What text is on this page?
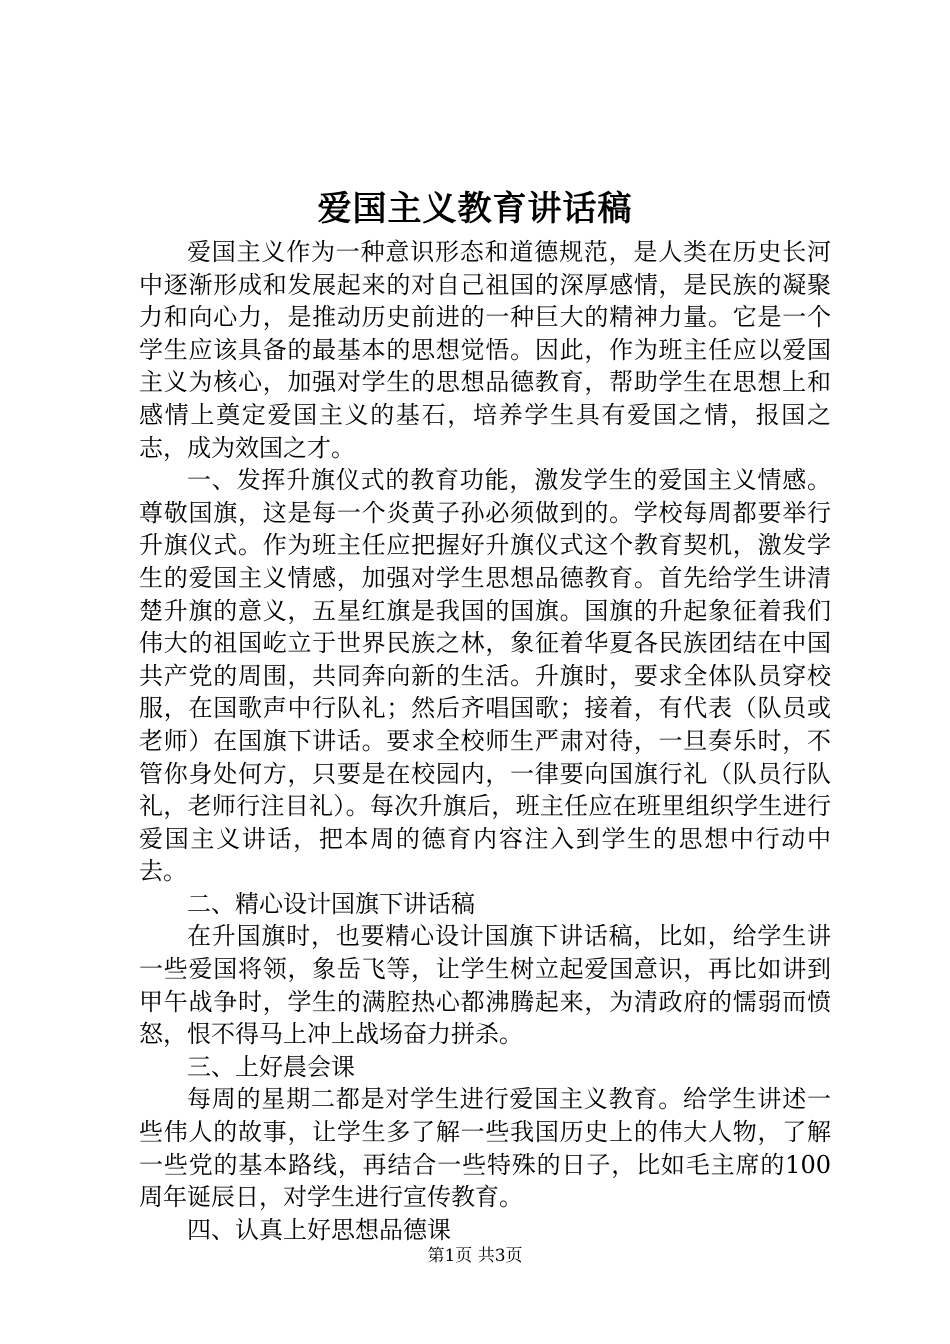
爱国主义教育讲话稿

爱国主义作为一种意识形态和道德规范，是人类在历史长河中逐渐形成和发展起来的对自己祖国的深厚感情，是民族的凝聚力和向心力，是推动历史前进的一种巨大的精神力量。它是一个学生应该具备的最基本的思想觉悟。因此，作为班主任应以爱国主义为核心，加强对学生的思想品德教育，帮助学生在思想上和感情上奠定爱国主义的基石，培养学生具有爱国之情，报国之志，成为效国之才。

一、发挥升旗仪式的教育功能，激发学生的爱国主义情感。尊敬国旗，这是每一个炎黄子孙必须做到的。学校每周都要举行升旗仪式。作为班主任应把握好升旗仪式这个教育契机，激发学生的爱国主义情感，加强对学生思想品德教育。首先给学生讲清楚升旗的意义，五星红旗是我国的国旗。国旗的升起象征着我们伟大的祖国屹立于世界民族之林，象征着华夏各民族团结在中国共产党的周围，共同奔向新的生活。升旗时，要求全体队员穿校服，在国歌声中行队礼；然后齐唱国歌；接着，有代表（队员或老师）在国旗下讲话。要求全校师生严肃对待，一旦奏乐时，不管你身处何方，只要是在校园内，一律要向国旗行礼（队员行队礼，老师行注目礼）。每次升旗后，班主任应在班里组织学生进行爱国主义讲话，把本周的德育内容注入到学生的思想中行动中去。

二、精心设计国旗下讲话稿

在升国旗时，也要精心设计国旗下讲话稿，比如，给学生讲一些爱国将领，象岳飞等，让学生树立起爱国意识，再比如讲到甲午战争时，学生的满腔热心都沸腾起来，为清政府的懦弱而愤怒，恨不得马上冲上战场奋力拼杀。

三、上好晨会课

每周的星期二都是对学生进行爱国主义教育。给学生讲述一些伟人的故事，让学生多了解一些我国历史上的伟大人物，了解一些党的基本路线，再结合一些特殊的日子，比如毛主席的100周年诞辰日，对学生进行宣传教育。

四、认真上好思想品德课

第1页 共3页
